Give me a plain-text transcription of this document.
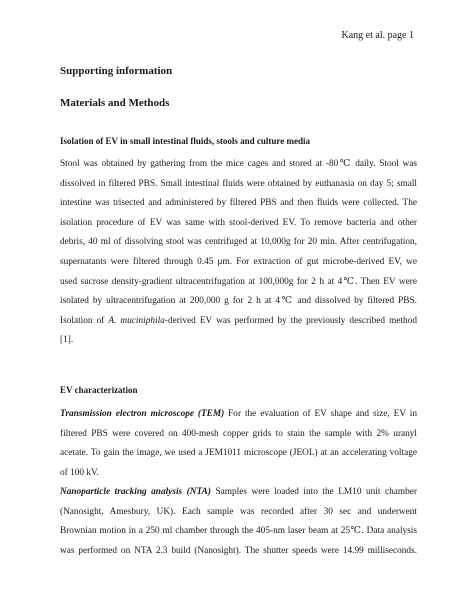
Kang et al. page 1
Supporting information
Materials and Methods
Isolation of EV in small intestinal fluids, stools and culture media
Stool was obtained by gathering from the mice cages and stored at -80℃ daily. Stool was
dissolved in filtered PBS. Small intestinal fluids were obtained by euthanasia on day 5; small
intestine was trisected and administered by filtered PBS and then fluids were collected. The
isolation procedure of EV was same with stool-derived EV. To remove bacteria and other
debris, 40 ml of dissolving stool was centrifuged at 10,000g for 20 min. After centrifugation,
supernatants were filtered through 0.45 μm. For extraction of gut microbe-derived EV, we
used sucrose density-gradient ultracentrifugation at 100,000g for 2 h at 4℃. Then EV were
isolated by ultracentrifugation at 200,000 g for 2 h at 4℃ and dissolved by filtered PBS.
Isolation of A. muciniphila-derived EV was performed by the previously described method
[1].
EV characterization
Transmission electron microscope (TEM) For the evaluation of EV shape and size, EV in
filtered PBS were covered on 400-mesh copper grids to stain the sample with 2% uranyl
acetate. To gain the image, we used a JEM1011 microscope (JEOL) at an accelerating voltage
of 100 kV.
Nanoparticle tracking analysis (NTA) Samples were loaded into the LM10 unit chamber
(Nanosight, Amesbury, UK). Each sample was recorded after 30 sec and underwent
Brownian motion in a 250 ml chamber through the 405-nm laser beam at 25℃. Data analysis
was performed on NTA 2.3 build (Nanosight). The shutter speeds were 14.99 milliseconds.
